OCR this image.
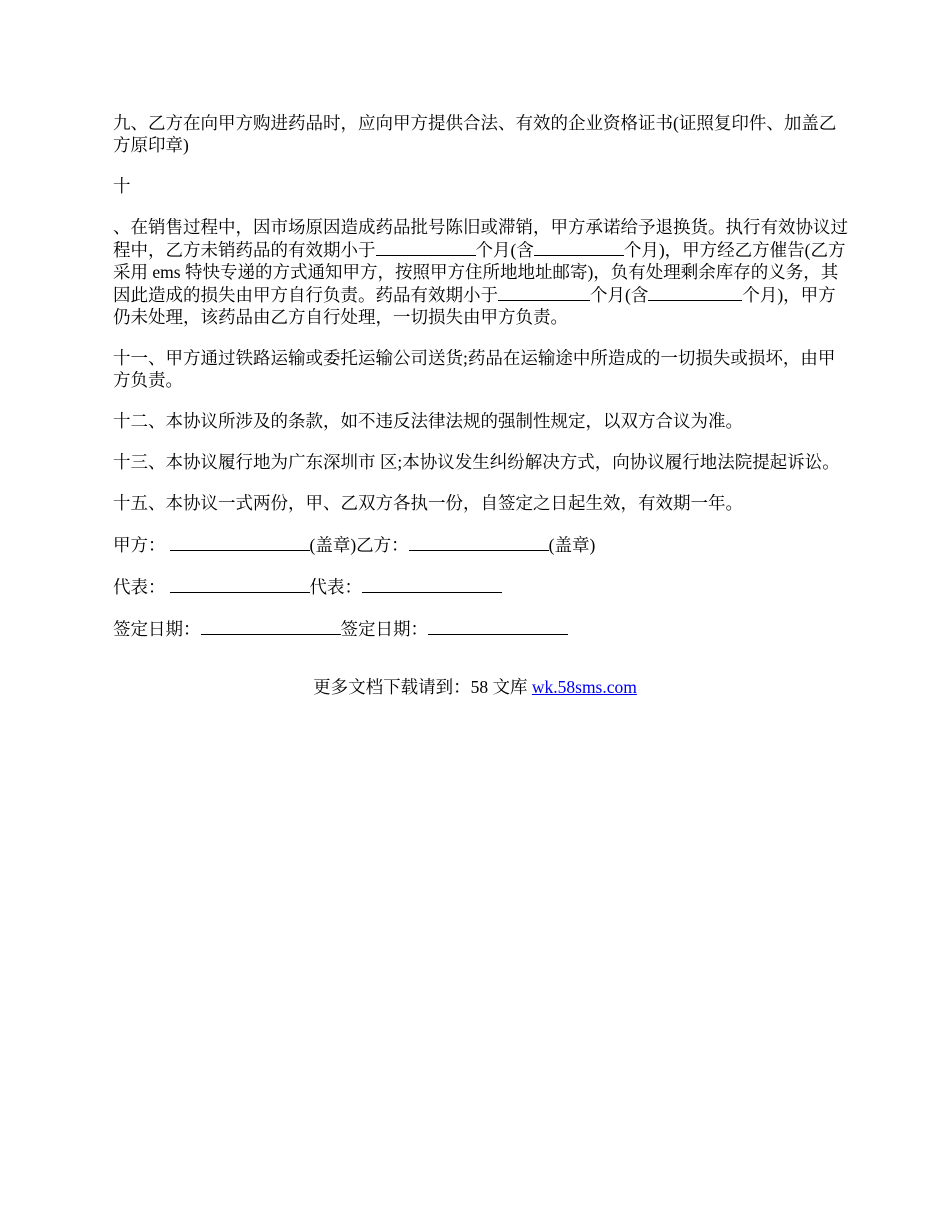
九、乙方在向甲方购进药品时，应向甲方提供合法、有效的企业资格证书(证照复印件、加盖乙方原印章)

十

、在销售过程中，因市场原因造成药品批号陈旧或滞销，甲方承诺给予退换货。执行有效协议过程中，乙方未销药品的有效期小于	个月(含	个月)，甲方经乙方催告(乙方采用 ems 特快专递的方式通知甲方，按照甲方住所地地址邮寄)，负有处理剩余库存的义务，其因此造成的损失由甲方自行负责。药品有效期小于	个月(含	个月)，甲方仍未处理，该药品由乙方自行处理，一切损失由甲方负责。

十一、甲方通过铁路运输或委托运输公司送货;药品在运输途中所造成的一切损失或损坏，由甲方负责。

十二、本协议所涉及的条款，如不违反法律法规的强制性规定，以双方合议为准。

十三、本协议履行地为广东深圳市 区;本协议发生纠纷解决方式，向协议履行地法院提起诉讼。

十五、本协议一式两份，甲、乙双方各执一份，自签定之日起生效，有效期一年。

甲方：	(盖章)乙方：	(盖章)
代表：	代表：
签定日期：	签定日期：
更多文档下载请到：58 文库 wk.58sms.com
